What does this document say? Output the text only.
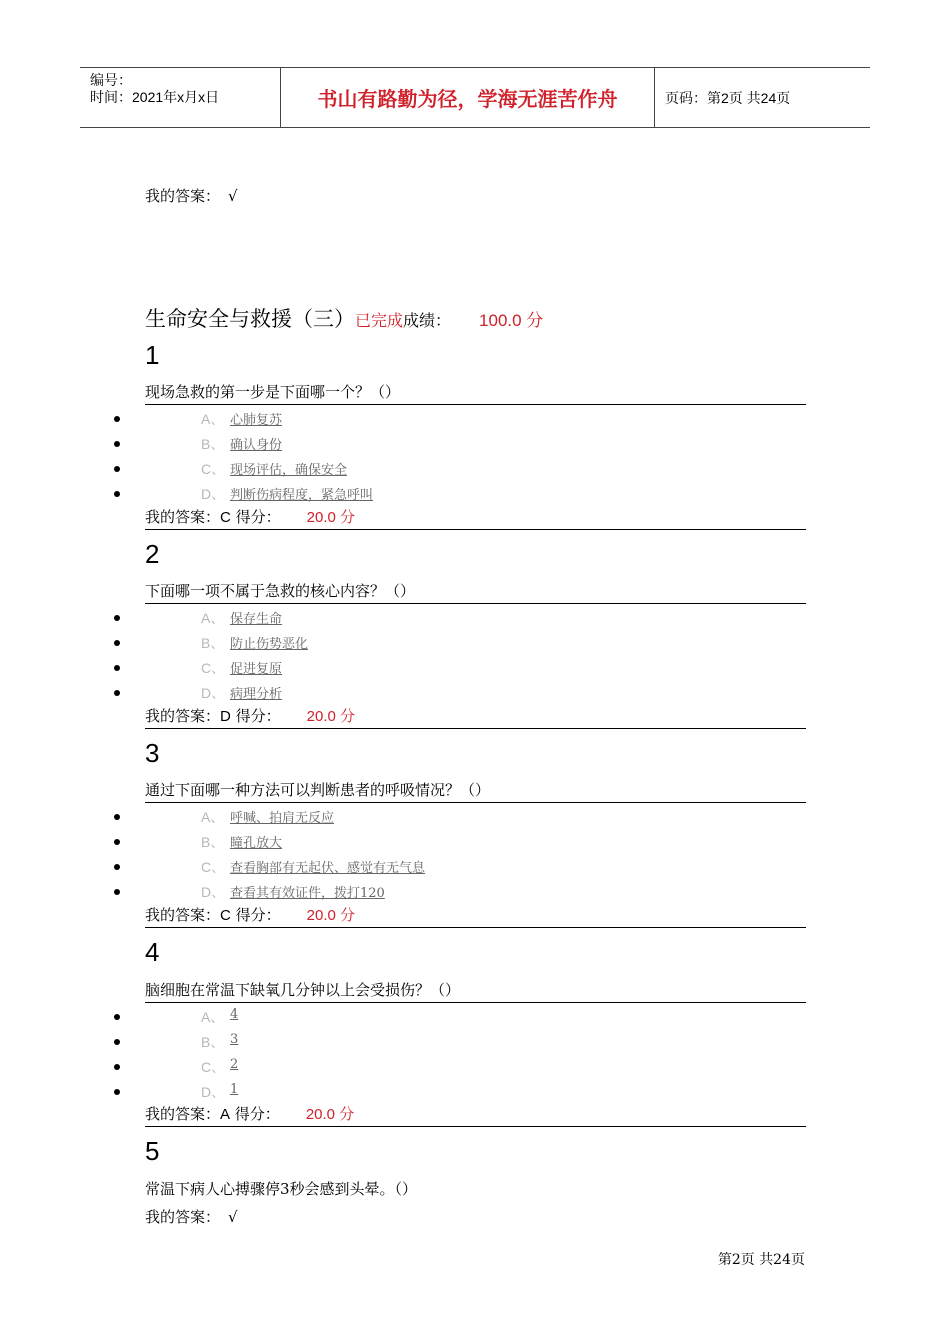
编号：
时间：2021年x月x日	书山有路勤为径，学海无涯苦作舟	页码：第2页 共24页
我的答案： √
生命安全与救援（三）已完成成绩： 100.0 分
1
现场急救的第一步是下面哪一个？（）
A、 心肺复苏
B、 确认身份
C、 现场评估，确保安全
D、 判断伤病程度，紧急呼叫
我的答案：C 得分： 20.0 分
2
下面哪一项不属于急救的核心内容？（）
A、 保存生命
B、 防止伤势恶化
C、 促进复原
D、 病理分析
我的答案：D 得分： 20.0 分
3
通过下面哪一种方法可以判断患者的呼吸情况？（）
A、 呼喊、拍肩无反应
B、 瞳孔放大
C、 查看胸部有无起伏、感觉有无气息
D、 查看其有效证件，拨打120
我的答案：C 得分： 20.0 分
4
脑细胞在常温下缺氧几分钟以上会受损伤？（）
A、 4
B、 3
C、 2
D、 1
我的答案：A 得分： 20.0 分
5
常温下病人心搏骤停3秒会感到头晕。（）
我的答案： √
第2页 共24页
